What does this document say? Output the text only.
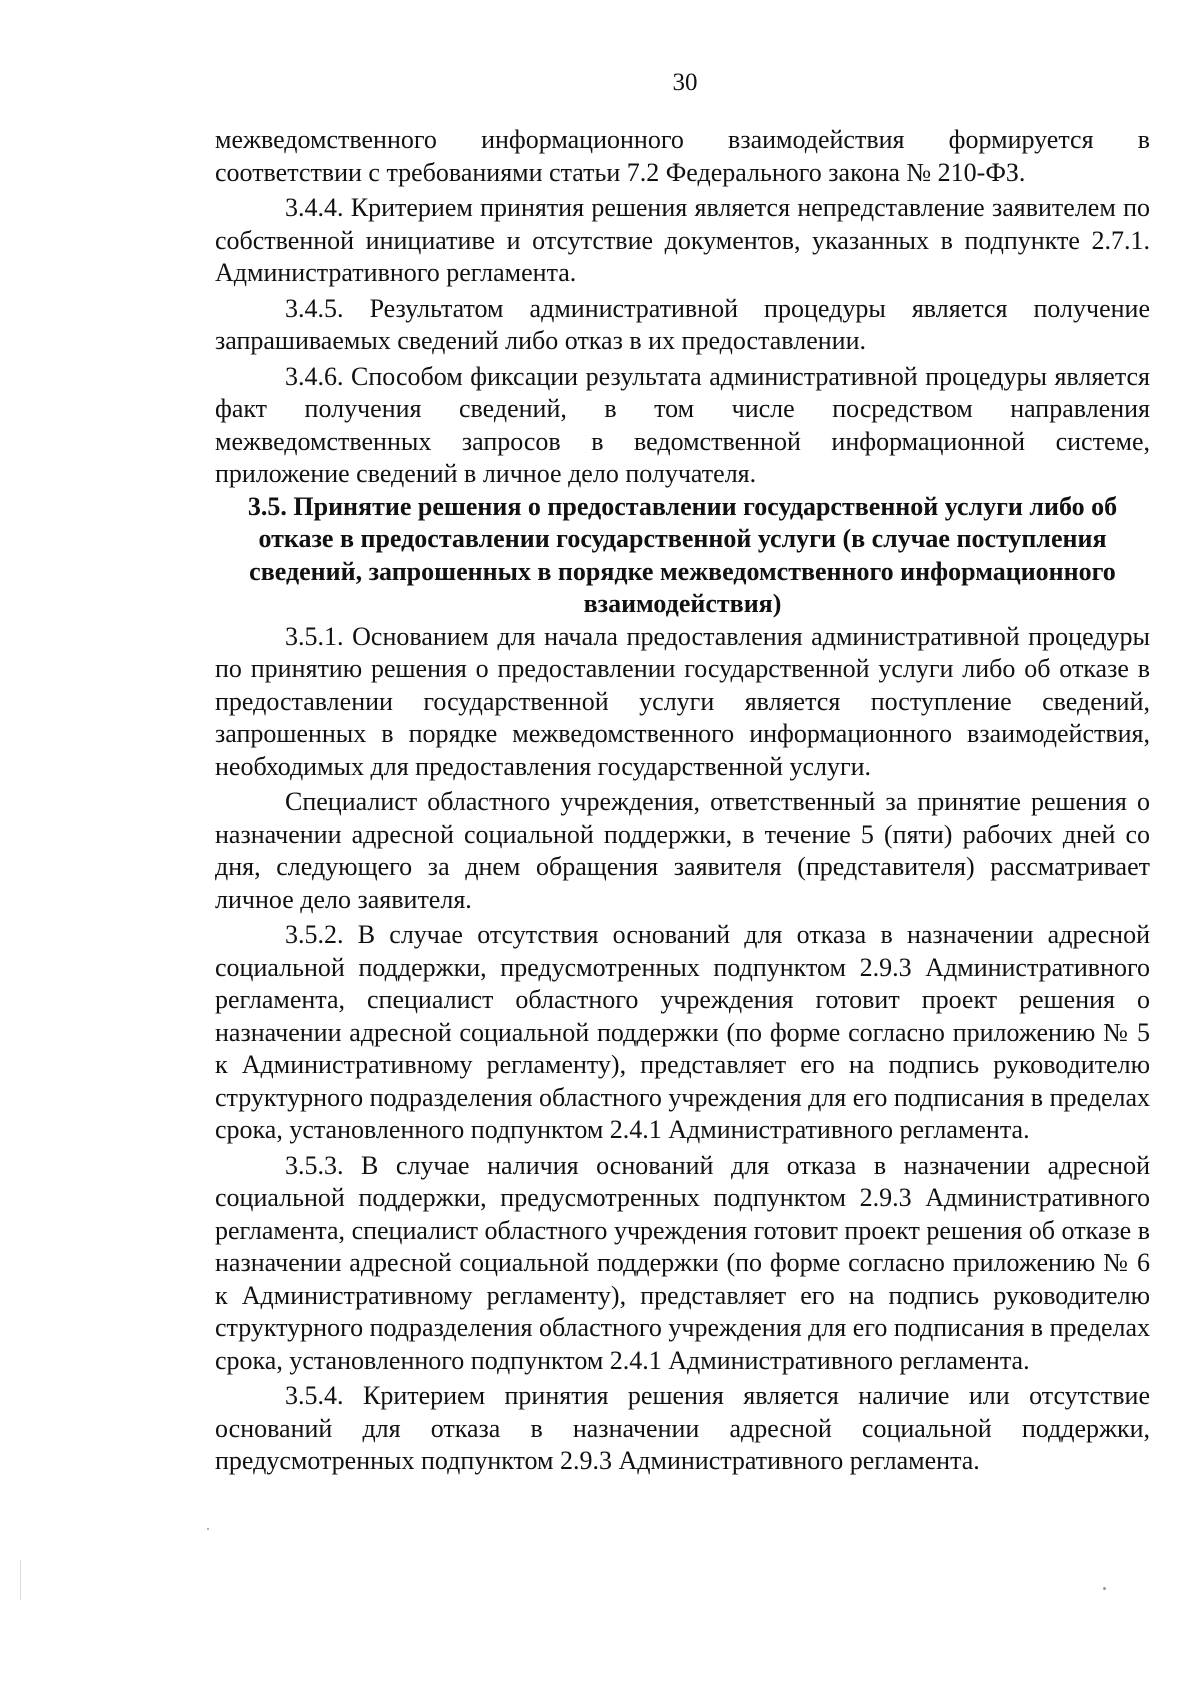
30

межведомственного информационного взаимодействия формируется в соответствии с требованиями статьи 7.2 Федерального закона № 210-ФЗ.

3.4.4. Критерием принятия решения является непредставление заявителем по собственной инициативе и отсутствие документов, указанных в подпункте 2.7.1. Административного регламента.

3.4.5. Результатом административной процедуры является получение запрашиваемых сведений либо отказ в их предоставлении.

3.4.6. Способом фиксации результата административной процедуры является факт получения сведений, в том числе посредством направления межведомственных запросов в ведомственной информационной системе, приложение сведений в личное дело получателя.

3.5. Принятие решения о предоставлении государственной услуги либо об отказе в предоставлении государственной услуги (в случае поступления сведений, запрошенных в порядке межведомственного информационного взаимодействия)

3.5.1. Основанием для начала предоставления административной процедуры по принятию решения о предоставлении государственной услуги либо об отказе в предоставлении государственной услуги является поступление сведений, запрошенных в порядке межведомственного информационного взаимодействия, необходимых для предоставления государственной услуги.

Специалист областного учреждения, ответственный за принятие решения о назначении адресной социальной поддержки, в течение 5 (пяти) рабочих дней со дня, следующего за днем обращения заявителя (представителя) рассматривает личное дело заявителя.

3.5.2. В случае отсутствия оснований для отказа в назначении адресной социальной поддержки, предусмотренных подпунктом 2.9.3 Административного регламента, специалист областного учреждения готовит проект решения о назначении адресной социальной поддержки (по форме согласно приложению № 5 к Административному регламенту), представляет его на подпись руководителю структурного подразделения областного учреждения для его подписания в пределах срока, установленного подпунктом 2.4.1 Административного регламента.

3.5.3. В случае наличия оснований для отказа в назначении адресной социальной поддержки, предусмотренных подпунктом 2.9.3 Административного регламента, специалист областного учреждения готовит проект решения об отказе в назначении адресной социальной поддержки (по форме согласно приложению № 6 к Административному регламенту), представляет его на подпись руководителю структурного подразделения областного учреждения для его подписания в пределах срока, установленного подпунктом 2.4.1 Административного регламента.

3.5.4. Критерием принятия решения является наличие или отсутствие оснований для отказа в назначении адресной социальной поддержки, предусмотренных подпунктом 2.9.3 Административного регламента.
